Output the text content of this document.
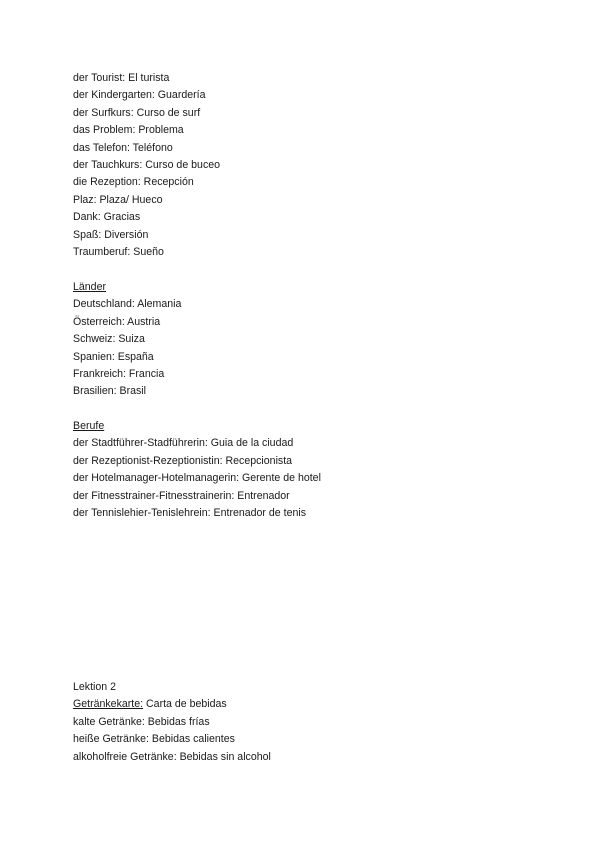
der Tourist: El turista
der Kindergarten: Guardería
der Surfkurs: Curso de surf
das Problem: Problema
das Telefon: Teléfono
der Tauchkurs: Curso de buceo
die Rezeption: Recepción
Plaz: Plaza/ Hueco
Dank: Gracias
Spaß: Diversión
Traumberuf: Sueño
Länder
Deutschland: Alemania
Österreich: Austria
Schweiz: Suiza
Spanien: España
Frankreich: Francia
Brasilien: Brasil
Berufe
der Stadtführer-Stadführerin: Guia de la ciudad
der Rezeptionist-Rezeptionistin: Recepcionista
der Hotelmanager-Hotelmanagerin: Gerente de hotel
der Fitnesstrainer-Fitnesstrainerin: Entrenador
der Tennislehier-Tenislehrein: Entrenador de tenis
Lektion 2
Getränkekarte: Carta de bebidas
kalte Getränke: Bebidas frías
heiße Getränke: Bebidas calientes
alkoholfreie Getränke: Bebidas sin alcohol
